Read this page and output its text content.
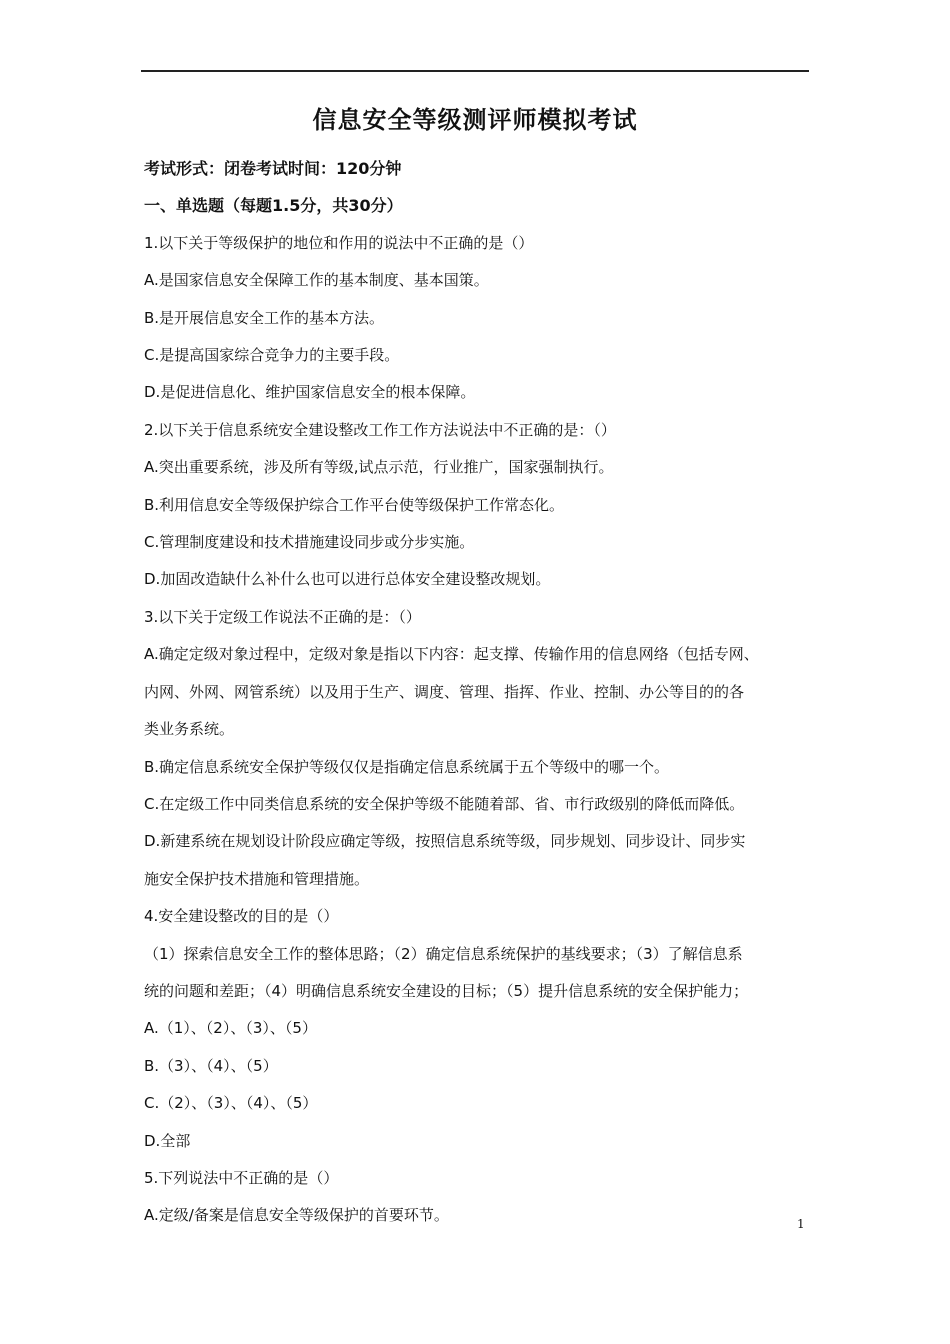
信息安全等级测评师模拟考试
考试形式：闭卷考试时间：120分钟
一、单选题（每题1.5分，共30分）
1.以下关于等级保护的地位和作用的说法中不正确的是（）
A.是国家信息安全保障工作的基本制度、基本国策。
B.是开展信息安全工作的基本方法。
C.是提高国家综合竞争力的主要手段。
D.是促进信息化、维护国家信息安全的根本保障。
2.以下关于信息系统安全建设整改工作工作方法说法中不正确的是：（）
A.突出重要系统，涉及所有等级,试点示范，行业推广，国家强制执行。
B.利用信息安全等级保护综合工作平台使等级保护工作常态化。
C.管理制度建设和技术措施建设同步或分步实施。
D.加固改造缺什么补什么也可以进行总体安全建设整改规划。
3.以下关于定级工作说法不正确的是：（）
A.确定定级对象过程中，定级对象是指以下内容：起支撑、传输作用的信息网络（包括专网、
内网、外网、网管系统）以及用于生产、调度、管理、指挥、作业、控制、办公等目的的各
类业务系统。
B.确定信息系统安全保护等级仅仅是指确定信息系统属于五个等级中的哪一个。
C.在定级工作中同类信息系统的安全保护等级不能随着部、省、市行政级别的降低而降低。
D.新建系统在规划设计阶段应确定等级，按照信息系统等级，同步规划、同步设计、同步实
施安全保护技术措施和管理措施。
4.安全建设整改的目的是（）
（1）探索信息安全工作的整体思路；（2）确定信息系统保护的基线要求；（3）了解信息系
统的问题和差距；（4）明确信息系统安全建设的目标；（5）提升信息系统的安全保护能力；
A.（1）、（2）、（3）、（5）
B.（3）、（4）、（5）
C.（2）、（3）、（4）、（5）
D.全部
5.下列说法中不正确的是（）
A.定级/备案是信息安全等级保护的首要环节。	1
